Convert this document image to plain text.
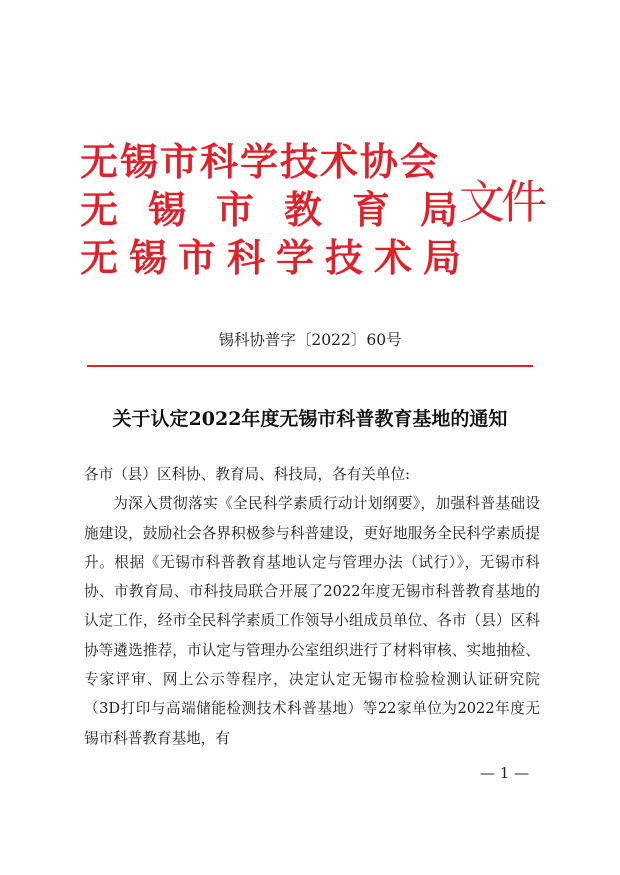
无锡市科学技术协会
无锡市教育局
无锡市科学技术局
文件
锡科协普字〔2022〕60号
关于认定2022年度无锡市科普教育基地的通知

各市（县）区科协、教育局、科技局，各有关单位:

为深入贯彻落实《全民科学素质行动计划纲要》，加强科普基础设施建设，鼓励社会各界积极参与科普建设，更好地服务全民科学素质提升。根据《无锡市科普教育基地认定与管理办法（试行）》，无锡市科协、市教育局、市科技局联合开展了2022年度无锡市科普教育基地的认定工作，经市全民科学素质工作领导小组成员单位、各市（县）区科协等遴选推荐，市认定与管理办公室组织进行了材料审核、实地抽检、专家评审、网上公示等程序，决定认定无锡市检验检测认证研究院（3D打印与高端储能检测技术科普基地）等22家单位为2022年度无锡市科普教育基地，有

— 1 —
